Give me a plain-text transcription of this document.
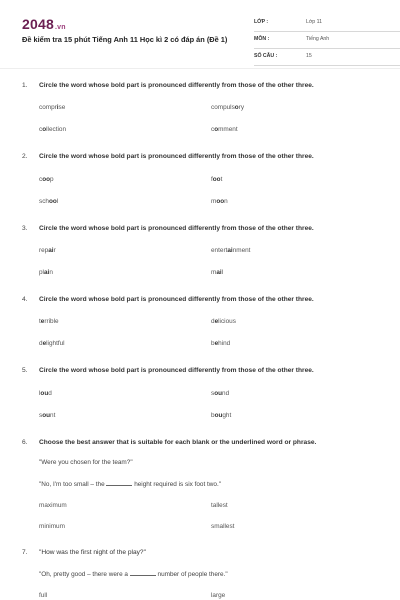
2048.vn
Đề kiểm tra 15 phút Tiếng Anh 11 Học kì 2 có đáp án (Đề 1)
LỚP :	Lớp 11
MÔN :	Tiếng Anh
SỐ CÂU :	15
1. Circle the word whose bold part is pronounced differently from those of the other three.
comprise	compulsory
collection	comment
2. Circle the word whose bold part is pronounced differently from those of the other three.
coop	foot
school	moon
3. Circle the word whose bold part is pronounced differently from those of the other three.
repair	entertainment
plain	mail
4. Circle the word whose bold part is pronounced differently from those of the other three.
terrible	delicious
delightful	behind
5. Circle the word whose bold part is pronounced differently from those of the other three.
loud	sound
sount	bought
6. Choose the best answer that is suitable for each blank or the underlined word or phrase.
"Were you chosen for the team?"
"No, I'm too small – the	height required is six foot two."
maximum	tallest
minimum	smallest
7. "How was the first night of the play?"
"Oh, pretty good – there were a	number of people there."
full	large
